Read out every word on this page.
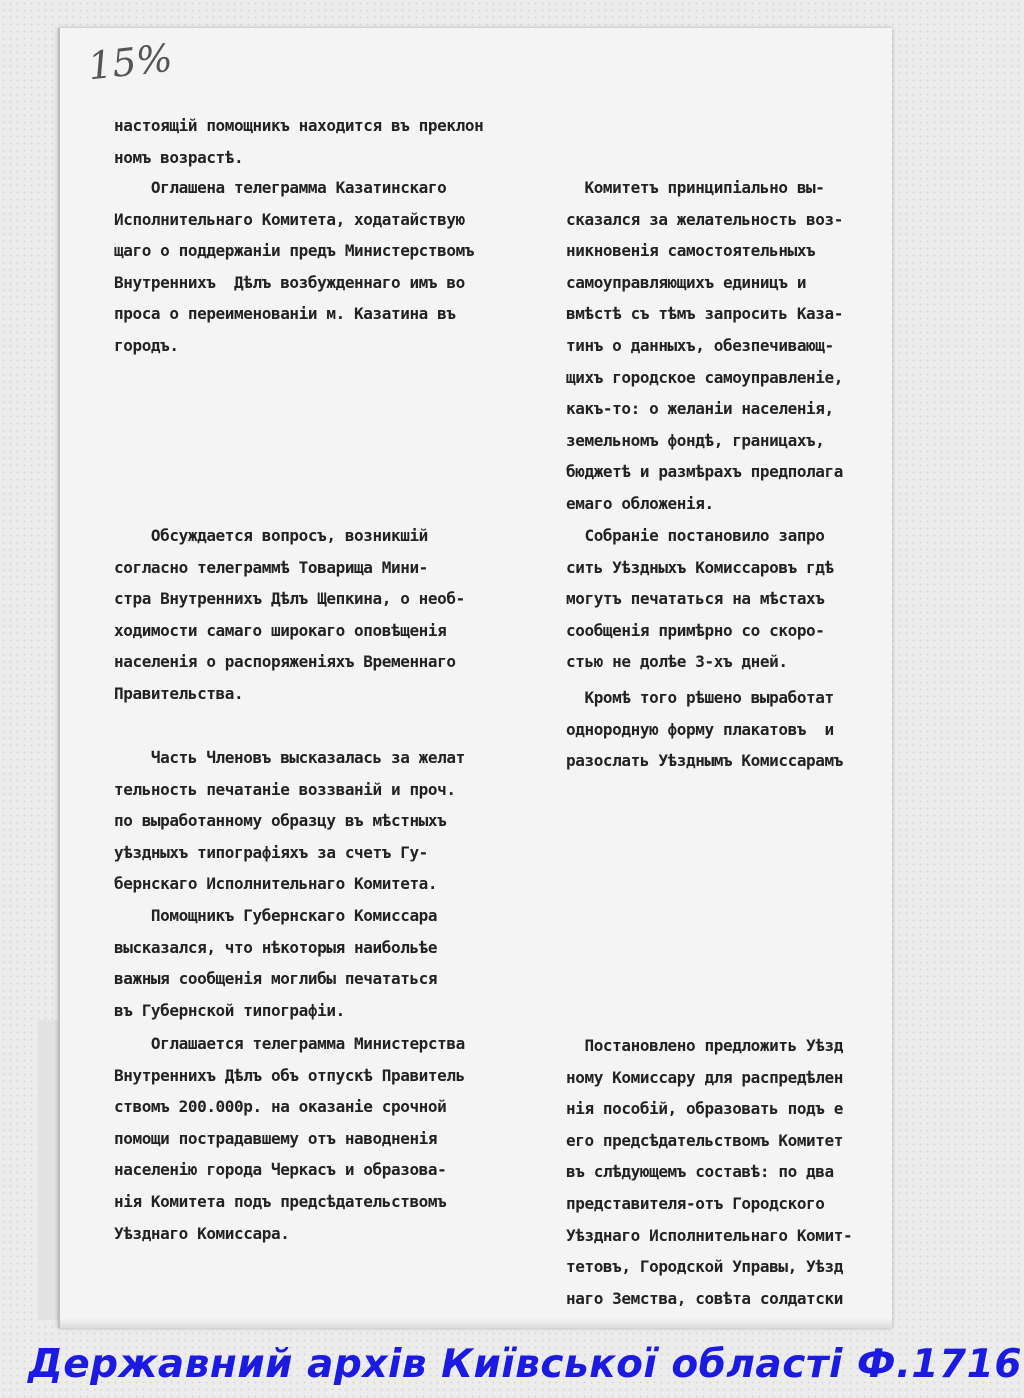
15%

настоящій помощникъ находится въ преклон

номъ возрастѣ.

Оглашена телеграмма Казатинскаго

Исполнительнаго Комитета, ходатайствую

щаго о поддержаніи предъ Министерствомъ

Внутреннихъ  Дѣлъ возбужденнаго имъ во

проса о переименованіи м. Казатина въ

городъ.

Обсуждается вопросъ, возникшій

согласно телеграммѣ Товарища Мини-

стра Внутреннихъ Дѣлъ Щепкина, о необ-

ходимости самаго широкаго оповѣщенія

населенія о распоряженіяхъ Временнаго

Правительства.

Часть Членовъ высказалась за желат

тельность печатаніе воззваній и проч.

по выработанному образцу въ мѣстныхъ

уѣздныхъ типографіяхъ за счетъ Гу-

бернскаго Исполнительнаго Комитета.

Помощникъ Губернскаго Комиссара

высказался, что нѣкоторыя наибольѣе

важныя сообщенія моглибы печататься

въ Губернской типографіи.

Оглашается телеграмма Министерства

Внутреннихъ Дѣлъ объ отпускѣ Правитель

ствомъ 200.000р. на оказаніе срочной

помощи пострадавшему отъ наводненія

населенію города Черкасъ и образова-

нія Комитета подъ предсѣдательствомъ

Уѣзднаго Комиссара.

Комитетъ принципіально вы-

сказался за желательность воз-

никновенія самостоятельныхъ

самоуправляющихъ единицъ и

вмѣстѣ съ тѣмъ запросить Каза-

тинъ о данныхъ, обезпечивающ-

щихъ городское самоуправленіе,

какъ-то: о желаніи населенія,

земельномъ фондѣ, границахъ,

бюджетѣ и размѣрахъ предполага

емаго обложенія.

Собраніе постановило запро

сить Уѣздныхъ Комиссаровъ гдѣ

могутъ печататься на мѣстахъ

сообщенія примѣрно со скоро-

стью не долѣе 3-хъ дней.

Кромѣ того рѣшено выработат

однородную форму плакатовъ  и

разослать Уѣзднымъ Комиссарамъ

Постановлено предложить Уѣзд

ному Комиссару для распредѣлен

нія пособій, образовать подъ е

его предсѣдательствомъ Комитет

въ слѣдующемъ составѣ: по два

представителя-отъ Городского

Уѣзднаго Исполнительнаго Комит-

тетовъ, Городской Управы, Уѣзд

наго Земства, совѣта солдатски

Державний архів Київської області Ф.1716
